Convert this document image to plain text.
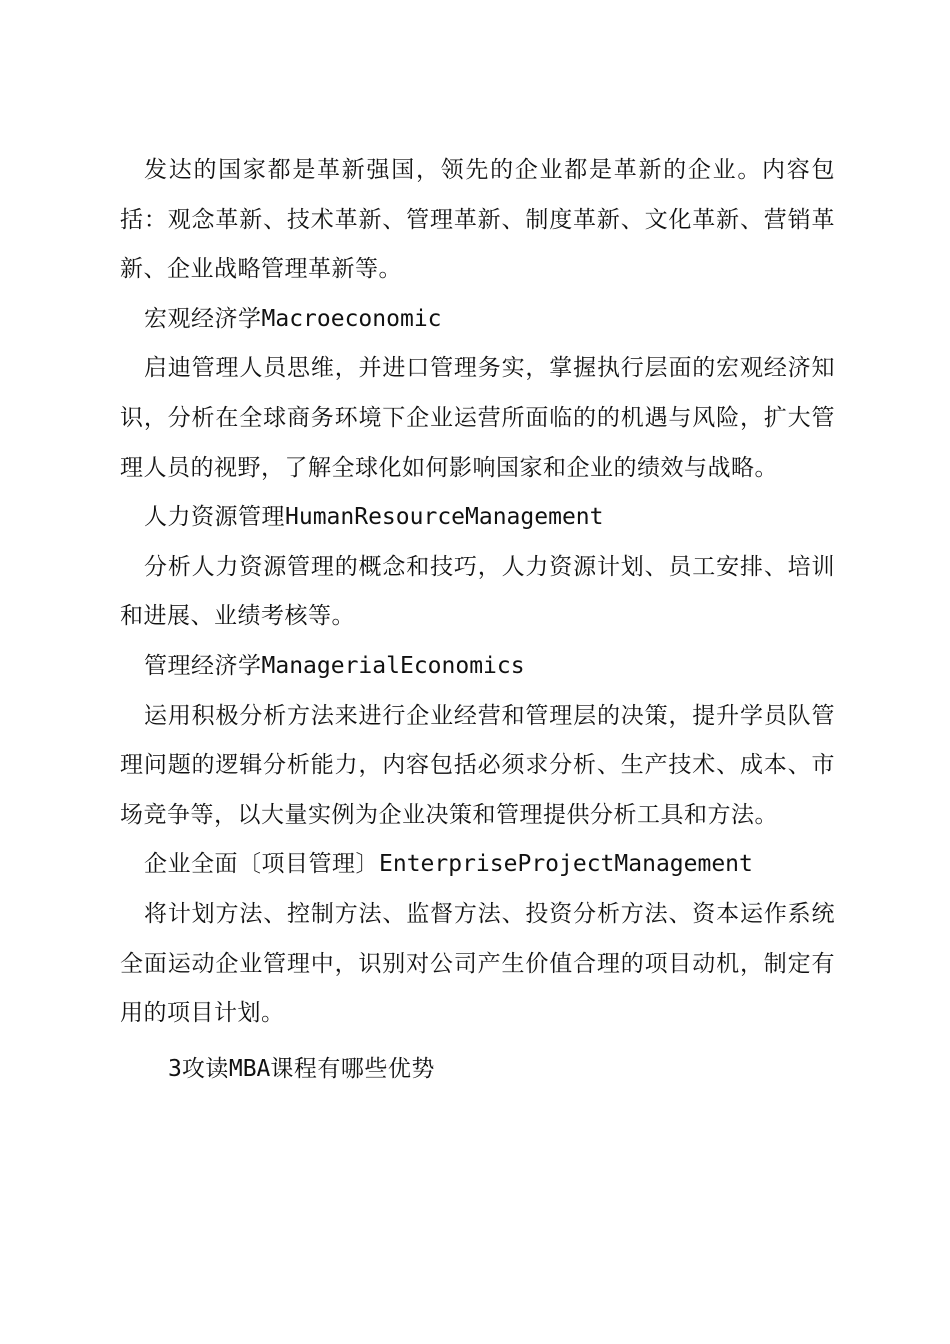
发达的国家都是革新强国，领先的企业都是革新的企业。内容包括：观念革新、技术革新、管理革新、制度革新、文化革新、营销革新、企业战略管理革新等。

宏观经济学Macroeconomic

启迪管理人员思维，并进口管理务实，掌握执行层面的宏观经济知识，分析在全球商务环境下企业运营所面临的的机遇与风险，扩大管理人员的视野，了解全球化如何影响国家和企业的绩效与战略。

人力资源管理HumanResourceManagement

分析人力资源管理的概念和技巧，人力资源计划、员工安排、培训和进展、业绩考核等。

管理经济学ManagerialEconomics

运用积极分析方法来进行企业经营和管理层的决策，提升学员队管理问题的逻辑分析能力，内容包括必须求分析、生产技术、成本、市场竞争等，以大量实例为企业决策和管理提供分析工具和方法。

企业全面〔项目管理〕EnterpriseProjectManagement

将计划方法、控制方法、监督方法、投资分析方法、资本运作系统全面运动企业管理中，识别对公司产生价值合理的项目动机，制定有用的项目计划。

3攻读MBA课程有哪些优势
